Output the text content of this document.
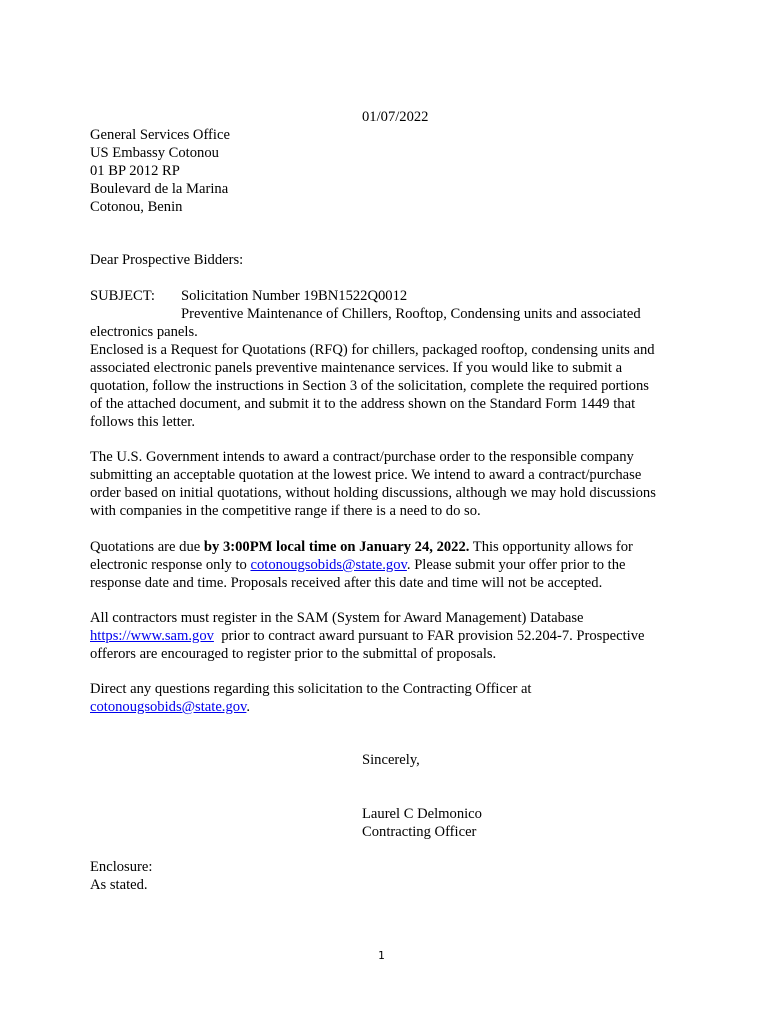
01/07/2022
General Services Office
US Embassy Cotonou
01 BP 2012 RP
Boulevard de la Marina
Cotonou, Benin
Dear Prospective Bidders:
SUBJECT: Solicitation Number 19BN1522Q0012
Preventive Maintenance of Chillers, Rooftop, Condensing units and associated
electronics panels.
Enclosed is a Request for Quotations (RFQ) for chillers, packaged rooftop, condensing units and
associated electronic panels preventive maintenance services. If you would like to submit a
quotation, follow the instructions in Section 3 of the solicitation, complete the required portions
of the attached document, and submit it to the address shown on the Standard Form 1449 that
follows this letter.
The U.S. Government intends to award a contract/purchase order to the responsible company
submitting an acceptable quotation at the lowest price. We intend to award a contract/purchase
order based on initial quotations, without holding discussions, although we may hold discussions
with companies in the competitive range if there is a need to do so.
Quotations are due by 3:00PM local time on January 24, 2022. This opportunity allows for
electronic response only to cotonougsobids@state.gov. Please submit your offer prior to the
response date and time. Proposals received after this date and time will not be accepted.
All contractors must register in the SAM (System for Award Management) Database
https://www.sam.gov  prior to contract award pursuant to FAR provision 52.204-7. Prospective
offerors are encouraged to register prior to the submittal of proposals.
Direct any questions regarding this solicitation to the Contracting Officer at
cotonougsobids@state.gov.
Sincerely,
Laurel C Delmonico
Contracting Officer
Enclosure:
As stated.
1
